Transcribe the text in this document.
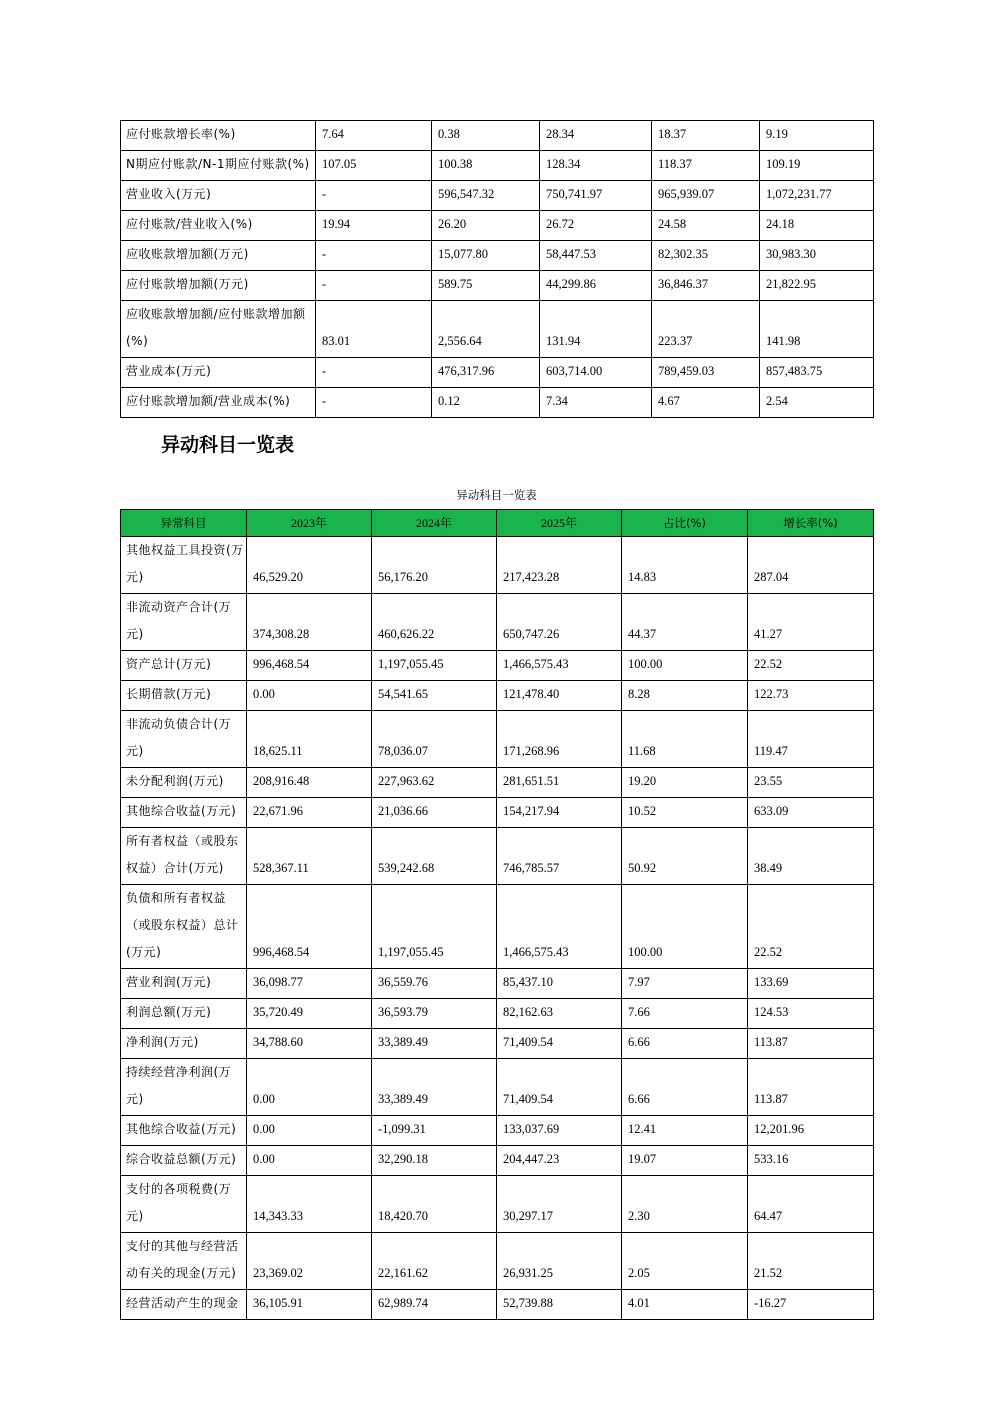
应付账款增长率(%)	7.64	0.38	28.34	18.37	9.19
N期应付账款/N-1期应付账款(%)	107.05	100.38	128.34	118.37	109.19
营业收入(万元)	-	596,547.32	750,741.97	965,939.07	1,072,231.77
应付账款/营业收入(%)	19.94	26.20	26.72	24.58	24.18
应收账款增加额(万元)	-	15,077.80	58,447.53	82,302.35	30,983.30
应付账款增加额(万元)	-	589.75	44,299.86	36,846.37	21,822.95
应收账款增加额/应付账款增加额(%)	83.01	2,556.64	131.94	223.37	141.98
营业成本(万元)	-	476,317.96	603,714.00	789,459.03	857,483.75
应付账款增加额/营业成本(%)	-	0.12	7.34	4.67	2.54
异动科目一览表
异动科目一览表
异常科目	2023年	2024年	2025年	占比(%)	增长率(%)
其他权益工具投资(万元)	46,529.20	56,176.20	217,423.28	14.83	287.04
非流动资产合计(万元)	374,308.28	460,626.22	650,747.26	44.37	41.27
资产总计(万元)	996,468.54	1,197,055.45	1,466,575.43	100.00	22.52
长期借款(万元)	0.00	54,541.65	121,478.40	8.28	122.73
非流动负债合计(万元)	18,625.11	78,036.07	171,268.96	11.68	119.47
未分配利润(万元)	208,916.48	227,963.62	281,651.51	19.20	23.55
其他综合收益(万元)	22,671.96	21,036.66	154,217.94	10.52	633.09
所有者权益（或股东权益）合计(万元)	528,367.11	539,242.68	746,785.57	50.92	38.49
负债和所有者权益（或股东权益）总计(万元)	996,468.54	1,197,055.45	1,466,575.43	100.00	22.52
营业利润(万元)	36,098.77	36,559.76	85,437.10	7.97	133.69
利润总额(万元)	35,720.49	36,593.79	82,162.63	7.66	124.53
净利润(万元)	34,788.60	33,389.49	71,409.54	6.66	113.87
持续经营净利润(万元)	0.00	33,389.49	71,409.54	6.66	113.87
其他综合收益(万元)	0.00	-1,099.31	133,037.69	12.41	12,201.96
综合收益总额(万元)	0.00	32,290.18	204,447.23	19.07	533.16
支付的各项税费(万元)	14,343.33	18,420.70	30,297.17	2.30	64.47
支付的其他与经营活动有关的现金(万元)	23,369.02	22,161.62	26,931.25	2.05	21.52
经营活动产生的现金	36,105.91	62,989.74	52,739.88	4.01	-16.27
